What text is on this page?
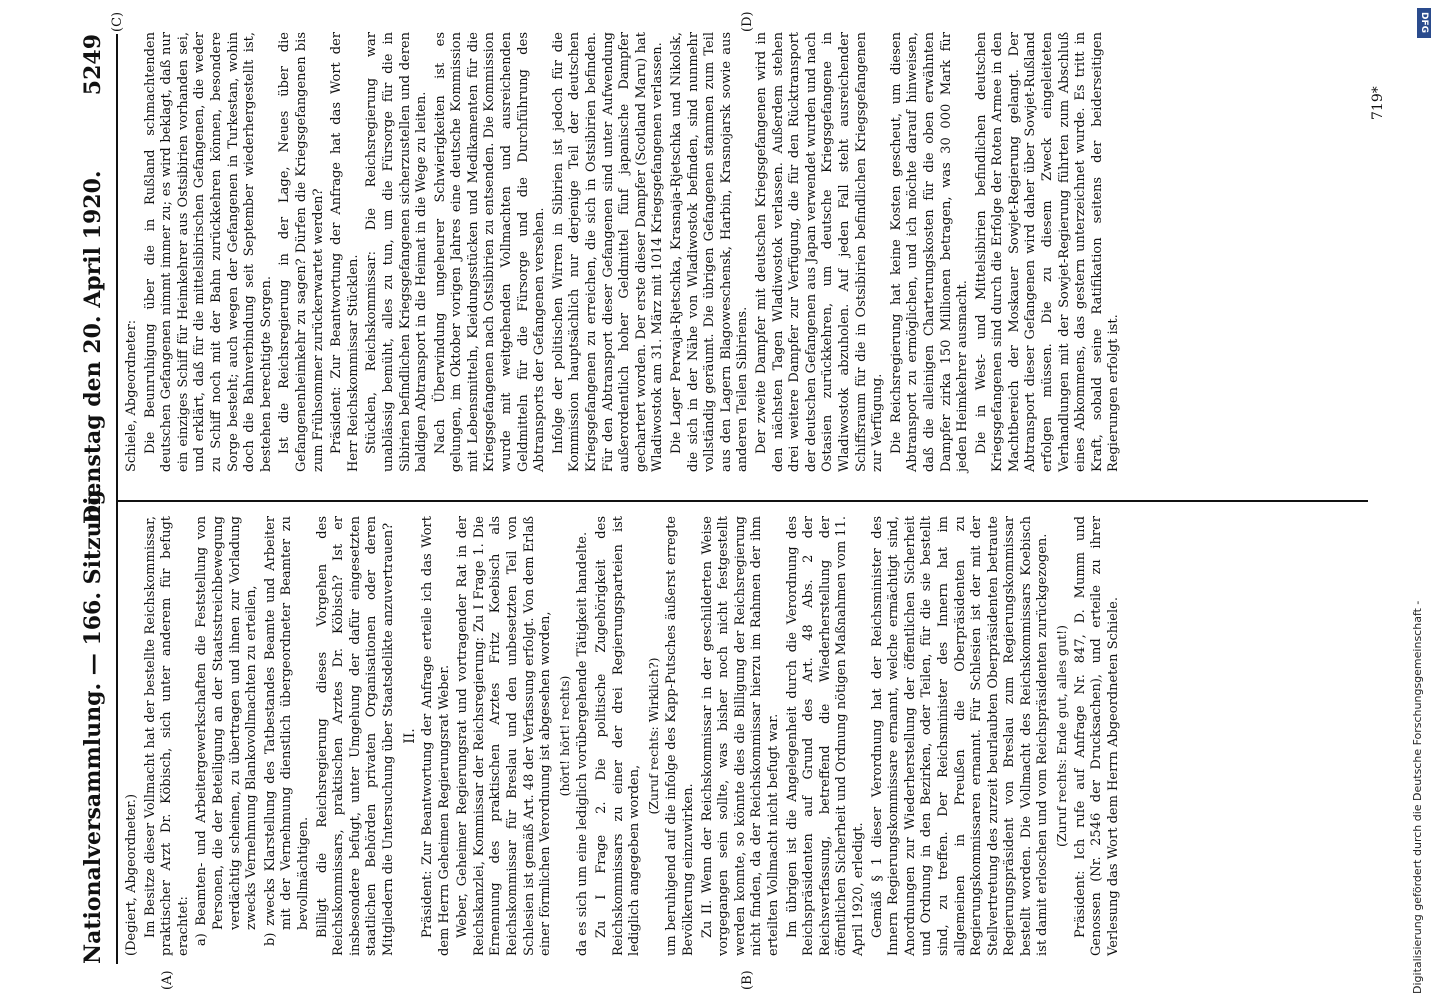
Nationalversammlung. — 166. Sitzung.
Dienstag den 20. April 1920.
5249
(A)	(B)
(C)	(D)

(Degiert, Abgeordneter.) Im Besitze dieser Vollmacht hat der bestellte Reichskommissar, praktischer Arzt Dr. Köbisch, sich unter anderem für befugt erachtet: a) Beamten- und Arbeitergewerkschaften die Feststellung von Personen, die der Beteiligung an der Staatsstreichbewegung verdächtig scheinen, zu übertragen und ihnen zur Vorladung zwecks Vernehmung Blankovollmachten zu erteilen, b) zwecks Klarstellung des Tatbestandes Beamte und Arbeiter mit der Vernehmung dienstlich übergeordneter Beamter zu bevollmächtigen. Billigt die Reichsregierung dieses Vorgehen des Reichskommissars, praktischen Arztes Dr. Köbisch? Ist er insbesondere befugt, unter Umgehung der dafür eingesetzten staatlichen Behörden privaten Organisationen oder deren Mitgliedern die Untersuchung über Staatsdelikte anzuvertrauen? II. Präsident: Zur Beantwortung der Anfrage erteile ich das Wort dem Herrn Geheimen Regierungsrat Weber. Weber, Geheimer Regierungsrat und vortragender Rat in der Reichskanzlei, Kommissar der Reichsregierung: Zu I Frage 1. Die Ernennung des praktischen Arztes Fritz Koebisch als Reichskommissar für Breslau und den unbesetzten Teil von Schlesien ist gemäß Art. 48 der Verfassung erfolgt. Von dem Erlaß einer förmlichen Verordnung ist abgesehen worden, (hört! hört! rechts) da es sich um eine lediglich vorübergehende Tätigkeit handelte. Zu I Frage 2. Die politische Zugehörigkeit des Reichskommissars zu einer der drei Regierungsparteien ist lediglich angegeben worden,

(Zuruf rechts: Wirklich?) um beruhigend auf die infolge des Kapp-Putsches äußerst erregte Bevölkerung einzuwirken. Zu II. Wenn der Reichskommissar in der geschilderten Weise vorgegangen sein sollte, was bisher noch nicht festgestellt werden konnte, so könnte dies die Billigung der Reichsregierung nicht finden, da der Reichskommissar hierzu im Rahmen der ihm erteilten Vollmacht nicht befugt war. Im übrigen ist die Angelegenheit durch die Verordnung des Reichspräsidenten auf Grund des Art. 48 Abs. 2 der Reichsverfassung, betreffend die Wiederherstellung der öffentlichen Sicherheit und Ordnung nötigen Maßnahmen vom 11. April 1920, erledigt. Gemäß § 1 dieser Verordnung hat der Reichsminister des Innern Regierungskommissare ernannt, welche ermächtigt sind, Anordnungen zur Wiederherstellung der öffentlichen Sicherheit und Ordnung in den Bezirken, oder Teilen, für die sie bestellt sind, zu treffen. Der Reichsminister des Innern hat im allgemeinen in Preußen die Oberpräsidenten zu Regierungskommissaren ernannt. Für Schlesien ist der mit der Stellvertretung des zurzeit beurlaubten Oberpräsidenten betraute Regierungspräsident von Breslau zum Regierungskommissar bestellt worden. Die Vollmacht des Reichskommissars Koebisch ist damit erloschen und vom Reichspräsidenten zurückgezogen. (Zuruf rechts: Ende gut, alles gut!) Präsident: Ich rufe auf Anfrage Nr. 847, D. Mumm und Genossen (Nr. 2546 der Drucksachen), und erteile zu ihrer Verlesung das Wort dem Herrn Abgeordneten Schiele.

Schiele, Abgeordneter: Die Beunruhigung über die in Rußland schmachtenden deutschen Gefangenen nimmt immer zu; es wird beklagt, daß nur ein einziges Schiff für Heimkehrer aus Ostsibirien vorhanden sei, und erklärt, daß für die mittelsibirischen Gefangenen, die weder zu Schiff noch mit der Bahn zurückkehren können, besondere Sorge besteht; auch wegen der Gefangenen in Turkestan, wohin doch die Bahnverbindung seit September wiederhergestellt ist, bestehen berechtigte Sorgen. Ist die Reichsregierung in der Lage, Neues über die Gefangenenheimkehr zu sagen? Dürfen die Kriegsgefangenen bis zum Frühsommer zurückerwartet werden? Präsident: Zur Beantwortung der Anfrage hat das Wort der Herr Reichskommissar Stücklen. Stücklen, Reichskommissar: Die Reichsregierung war unablässig bemüht, alles zu tun, um die Fürsorge für die in Sibirien befindlichen Kriegsgefangenen sicherzustellen und deren baldigen Abtransport in die Heimat in die Wege zu leiten. Nach Überwindung ungeheurer Schwierigkeiten ist es gelungen, im Oktober vorigen Jahres eine deutsche Kommission mit Lebensmitteln, Kleidungsstücken und Medikamenten für die Kriegsgefangenen nach Ostsibirien zu entsenden. Die Kommission wurde mit weitgehenden Vollmachten und ausreichenden Geldmitteln für die Fürsorge und die Durchführung des Abtransports der Gefangenen versehen. Infolge der politischen Wirren in Sibirien ist jedoch für die Kommission hauptsächlich nur derjenige Teil der deutschen Kriegsgefangenen zu erreichen, die sich in Ostsibirien befinden. Für den Abtransport dieser Gefangenen sind unter Aufwendung außerordentlich hoher Geldmittel fünf japanische Dampfer gechartert worden. Der erste dieser Dampfer (Scotland Maru) hat Wladiwostok am 31. März mit 1014 Kriegsgefangenen verlassen. Die Lager Perwaja-Rjetschka, Krasnaja-Rjetschka und Nikolsk, die sich in der Nähe von Wladiwostok befinden, sind nunmehr vollständig geräumt. Die übrigen Gefangenen stammen zum Teil aus den Lagern Blagoweschensk, Harbin, Krasnojarsk sowie aus anderen Teilen Sibiriens. Der zweite Dampfer mit deutschen Kriegsgefangenen wird in den nächsten Tagen Wladiwostok verlassen. Außerdem stehen drei weitere Dampfer zur Verfügung, die für den Rücktransport der deutschen Gefangenen aus Japan verwendet wurden und nach Ostasien zurückkehren, um deutsche Kriegsgefangene in Wladiwostok abzuholen. Auf jeden Fall steht ausreichender Schiffsraum für die in Ostsibirien befindlichen Kriegsgefangenen zur Verfügung. Die Reichsregierung hat keine Kosten gescheut, um diesen Abtransport zu ermöglichen, und ich möchte darauf hinweisen, daß die alleinigen Charterungskosten für die oben erwähnten Dampfer zirka 150 Millionen betragen, was 30 000 Mark für jeden Heimkehrer ausmacht. Die in West- und Mittelsibirien befindlichen deutschen Kriegsgefangenen sind durch die Erfolge der Roten Armee in den Machtbereich der Moskauer Sowjet-Regierung gelangt. Der Abtransport dieser Gefangenen wird daher über Sowjet-Rußland erfolgen müssen. Die zu diesem Zweck eingeleiteten Verhandlungen mit der Sowjet-Regierung führten zum Abschluß eines Abkommens, das gestern unterzeichnet wurde. Es tritt in Kraft, sobald seine Ratifikation seitens der beiderseitigen Regierungen erfolgt ist.

719*
DFG
Digitalisierung gefördert durch die Deutsche Forschungsgemeinschaft -
